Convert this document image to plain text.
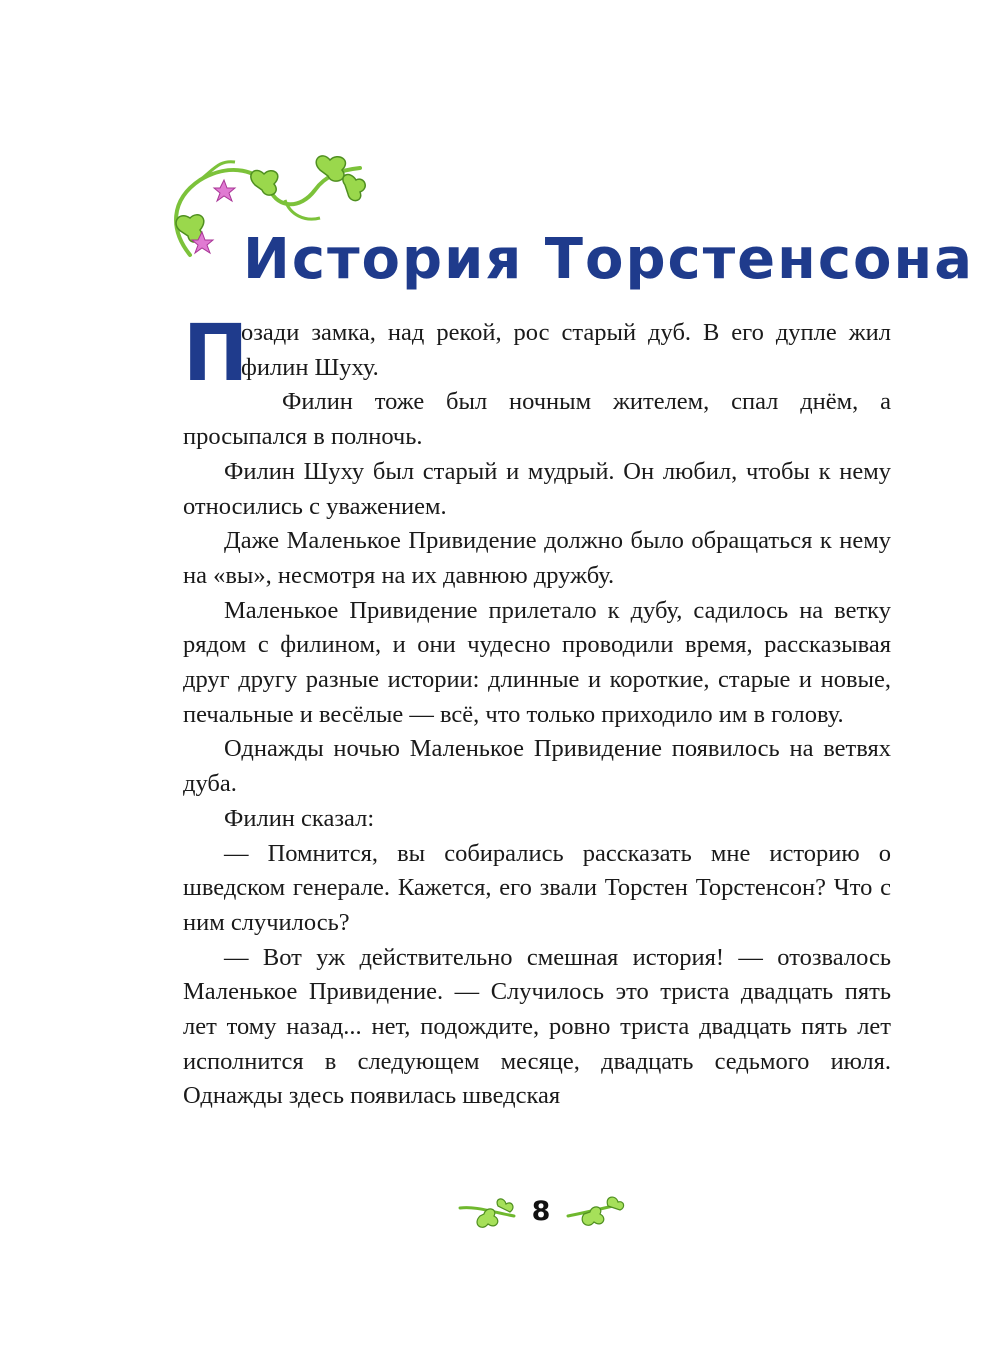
История Торстенсона

П
озади замка, над рекой, рос старый дуб. В его дупле жил филин Шуху.

Филин тоже был ночным жителем, спал днём, а просыпался в полночь.

Филин Шуху был старый и мудрый. Он любил, чтобы к нему относились с уважением.

Даже Маленькое Привидение должно было обращаться к нему на «вы», несмотря на их давнюю дружбу.

Маленькое Привидение прилетало к дубу, садилось на ветку рядом с филином, и они чудесно проводили время, рассказывая друг другу разные истории: длинные и короткие, старые и новые, печальные и весёлые — всё, что только приходило им в голову.

Однажды ночью Маленькое Привидение появилось на ветвях дуба.

Филин сказал:

— Помнится, вы собирались рассказать мне историю о шведском генерале. Кажется, его звали Торстен Торстенсон? Что с ним случилось?

— Вот уж действительно смешная история! — отозвалось Маленькое Привидение. — Случилось это триста двадцать пять лет тому назад... нет, подождите, ровно триста двадцать пять лет исполнится в следующем месяце, двадцать седьмого июля. Однажды здесь появилась шведская

8
